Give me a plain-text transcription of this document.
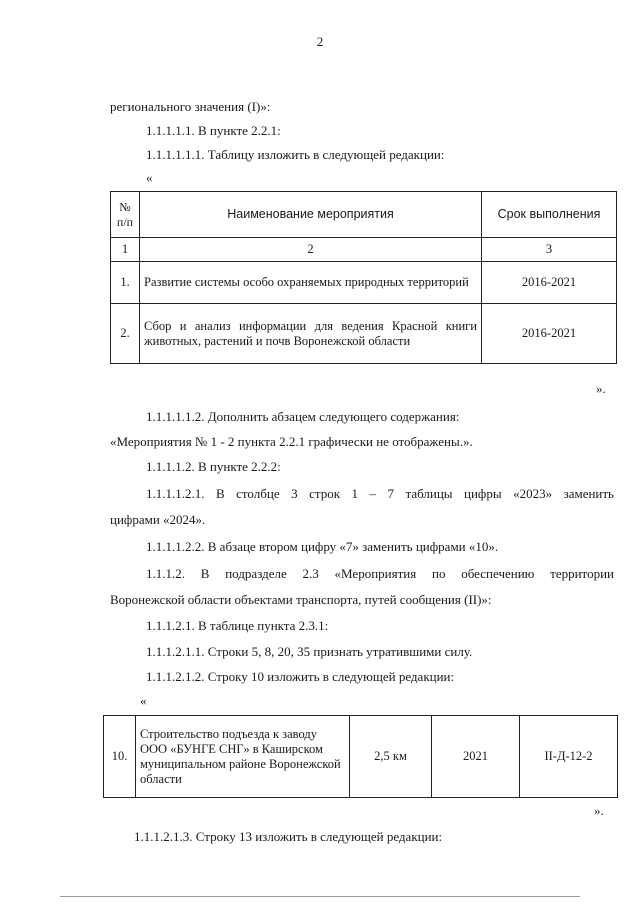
2
регионального значения (I)»:
1.1.1.1.1. В пункте 2.2.1:
1.1.1.1.1.1. Таблицу изложить в следующей редакции:
«
№ п/п	Наименование мероприятия	Срок выполнения
1	2	3
1.	Развитие системы особо охраняемых природных территорий	2016-2021
2.	Сбор и анализ информации для ведения Красной книги животных, растений и почв Воронежской области	2016-2021
».
1.1.1.1.1.2. Дополнить абзацем следующего содержания:
«Мероприятия № 1 - 2 пункта 2.2.1 графически не отображены.».
1.1.1.1.2. В пункте 2.2.2:
1.1.1.1.2.1. В столбце 3 строк 1 – 7 таблицы цифры «2023» заменить
цифрами «2024».
1.1.1.1.2.2. В абзаце втором цифру «7» заменить цифрами «10».
1.1.1.2. В подразделе 2.3 «Мероприятия по обеспечению территории
Воронежской области объектами транспорта, путей сообщения (II)»:
1.1.1.2.1. В таблице пункта 2.3.1:
1.1.1.2.1.1. Строки 5, 8, 20, 35 признать утратившими силу.
1.1.1.2.1.2. Строку 10 изложить в следующей редакции:
«
10.	Строительство подъезда к заводу ООО «БУНГЕ СНГ» в Каширском муниципальном районе Воронежской области	2,5 км	2021	II-Д-12-2
».
1.1.1.2.1.3. Строку 13 изложить в следующей редакции:
